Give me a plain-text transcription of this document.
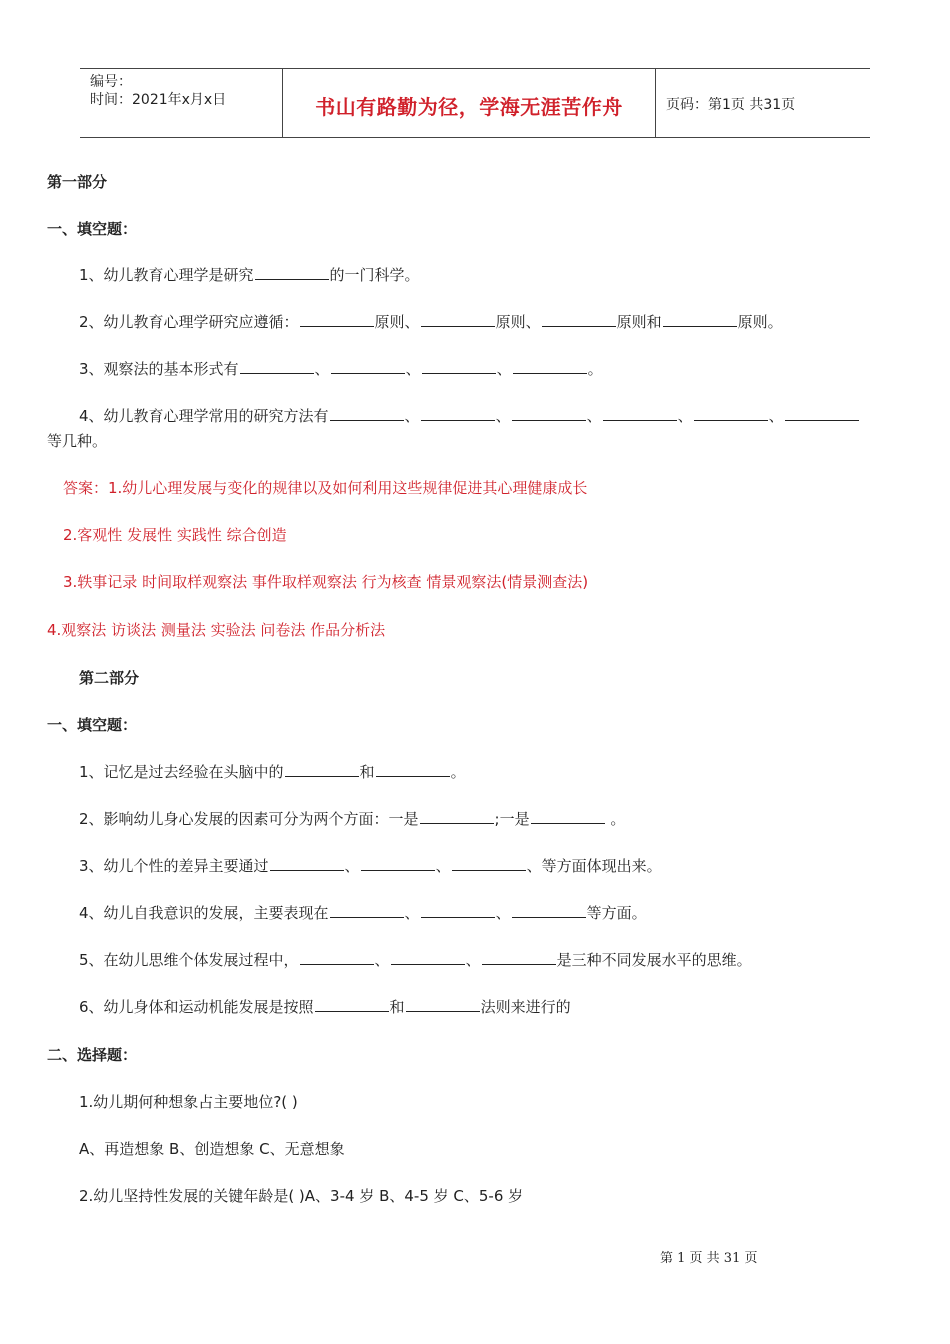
编号：
时间：2021年x月x日	书山有路勤为径，学海无涯苦作舟	页码：第1页 共31页
第一部分
一、填空题：
1、幼儿教育心理学是研究	的一门科学。
2、幼儿教育心理学研究应遵循：	原则、	原则、	原则和	原则。
3、观察法的基本形式有	、	、	、	。
4、幼儿教育心理学常用的研究方法有	、	、	、	、	、
等几种。
答案：1.幼儿心理发展与变化的规律以及如何利用这些规律促进其心理健康成长
2.客观性 发展性 实践性 综合创造
3.轶事记录 时间取样观察法 事件取样观察法 行为核查 情景观察法(情景测查法)
4.观察法 访谈法 测量法 实验法 问卷法 作品分析法
第二部分
一、填空题：
1、记忆是过去经验在头脑中的	和	。
2、影响幼儿身心发展的因素可分为两个方面：一是	;一是	。
3、幼儿个性的差异主要通过	、	、	、等方面体现出来。
4、幼儿自我意识的发展，主要表现在	、	、	等方面。
5、在幼儿思维个体发展过程中，	、	、	是三种不同发展水平的思维。
6、幼儿身体和运动机能发展是按照	和	法则来进行的
二、选择题：
1.幼儿期何种想象占主要地位?( )
A、再造想象 B、创造想象 C、无意想象
2.幼儿坚持性发展的关键年龄是( )A、3-4 岁 B、4-5 岁 C、5-6 岁
第 1 页 共 31 页
